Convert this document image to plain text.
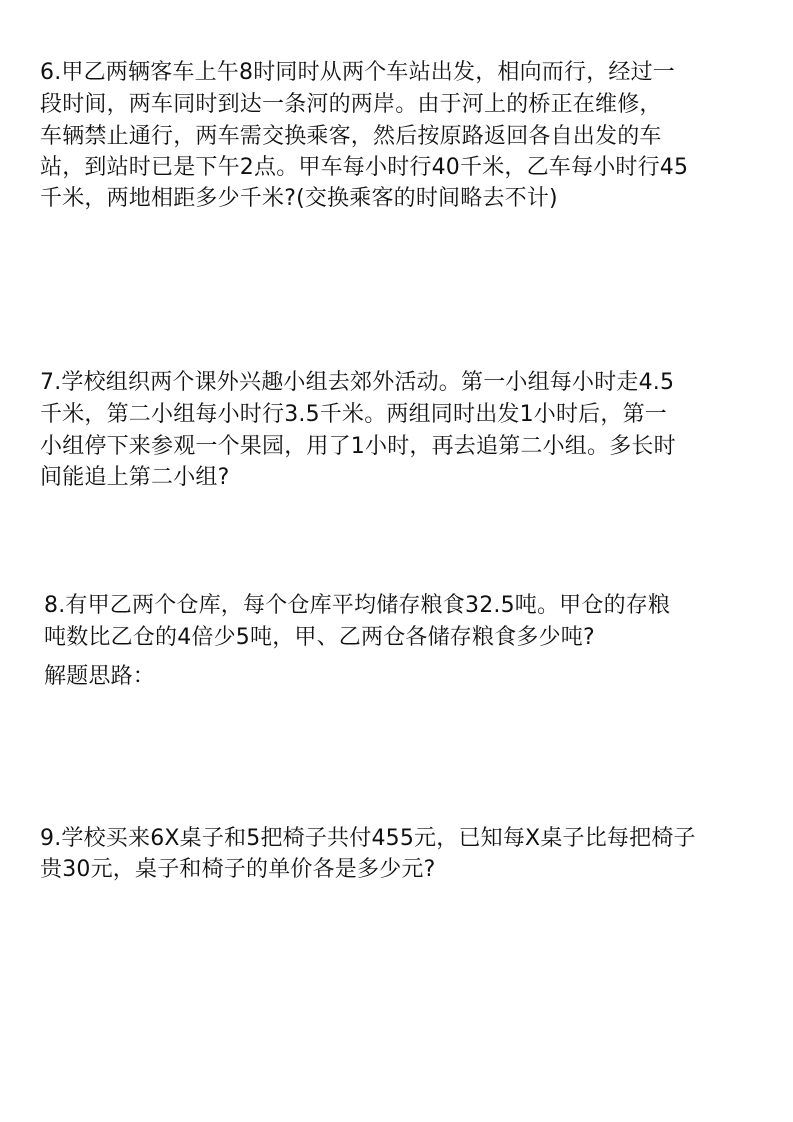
6.甲乙两辆客车上午8时同时从两个车站出发，相向而行，经过一
段时间，两车同时到达一条河的两岸。由于河上的桥正在维修，
车辆禁止通行，两车需交换乘客，然后按原路返回各自出发的车
站，到站时已是下午2点。甲车每小时行40千米，乙车每小时行45
千米，两地相距多少千米?(交换乘客的时间略去不计)
7.学校组织两个课外兴趣小组去郊外活动。第一小组每小时走4.5
千米，第二小组每小时行3.5千米。两组同时出发1小时后，第一
小组停下来参观一个果园，用了1小时，再去追第二小组。多长时
间能追上第二小组?
8.有甲乙两个仓库，每个仓库平均储存粮食32.5吨。甲仓的存粮
吨数比乙仓的4倍少5吨，甲、乙两仓各储存粮食多少吨?
解题思路：
9.学校买来6X桌子和5把椅子共付455元，已知每X桌子比每把椅子
贵30元，桌子和椅子的单价各是多少元?
